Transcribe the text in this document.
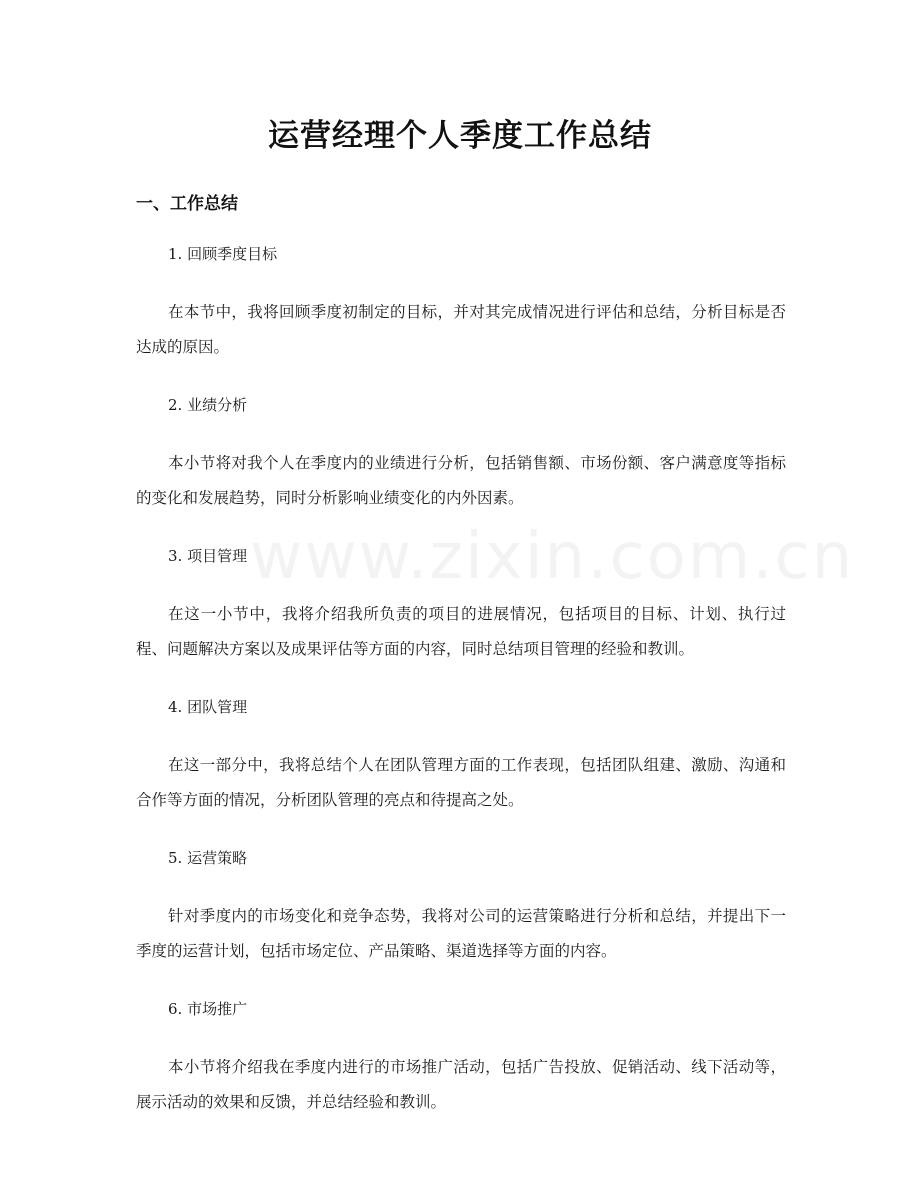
运营经理个人季度工作总结
一、工作总结

1. 回顾季度目标

在本节中，我将回顾季度初制定的目标，并对其完成情况进行评估和总结，分析目标是否达成的原因。

2. 业绩分析

本小节将对我个人在季度内的业绩进行分析，包括销售额、市场份额、客户满意度等指标的变化和发展趋势，同时分析影响业绩变化的内外因素。

3. 项目管理

在这一小节中，我将介绍我所负责的项目的进展情况，包括项目的目标、计划、执行过程、问题解决方案以及成果评估等方面的内容，同时总结项目管理的经验和教训。

4. 团队管理

在这一部分中，我将总结个人在团队管理方面的工作表现，包括团队组建、激励、沟通和合作等方面的情况，分析团队管理的亮点和待提高之处。

5. 运营策略

针对季度内的市场变化和竞争态势，我将对公司的运营策略进行分析和总结，并提出下一季度的运营计划，包括市场定位、产品策略、渠道选择等方面的内容。

6. 市场推广

本小节将介绍我在季度内进行的市场推广活动，包括广告投放、促销活动、线下活动等，展示活动的效果和反馈，并总结经验和教训。

www.zixin.com.cn
